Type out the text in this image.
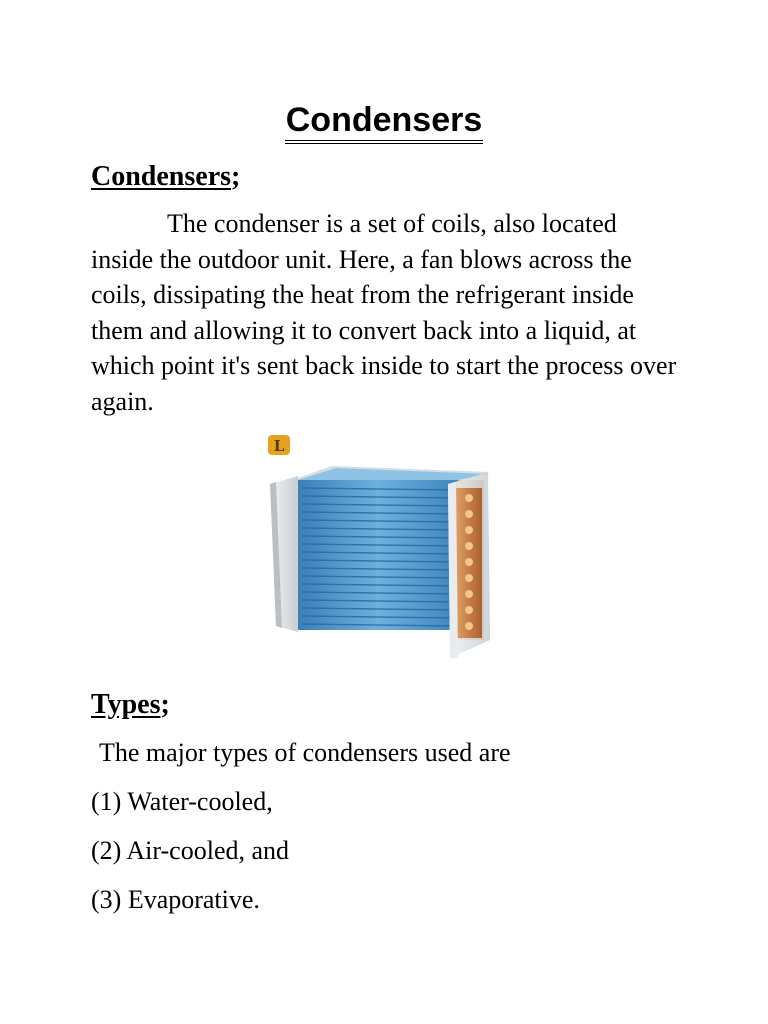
Condensers
Condensers;

The condenser is a set of coils, also located inside the outdoor unit. Here, a fan blows across the coils, dissipating the heat from the refrigerant inside them and allowing it to convert back into a liquid, at which point it's sent back inside to start the process over again.

L
Types;
The major types of condensers used are
(1) Water-cooled,
(2) Air-cooled, and
(3) Evaporative.
